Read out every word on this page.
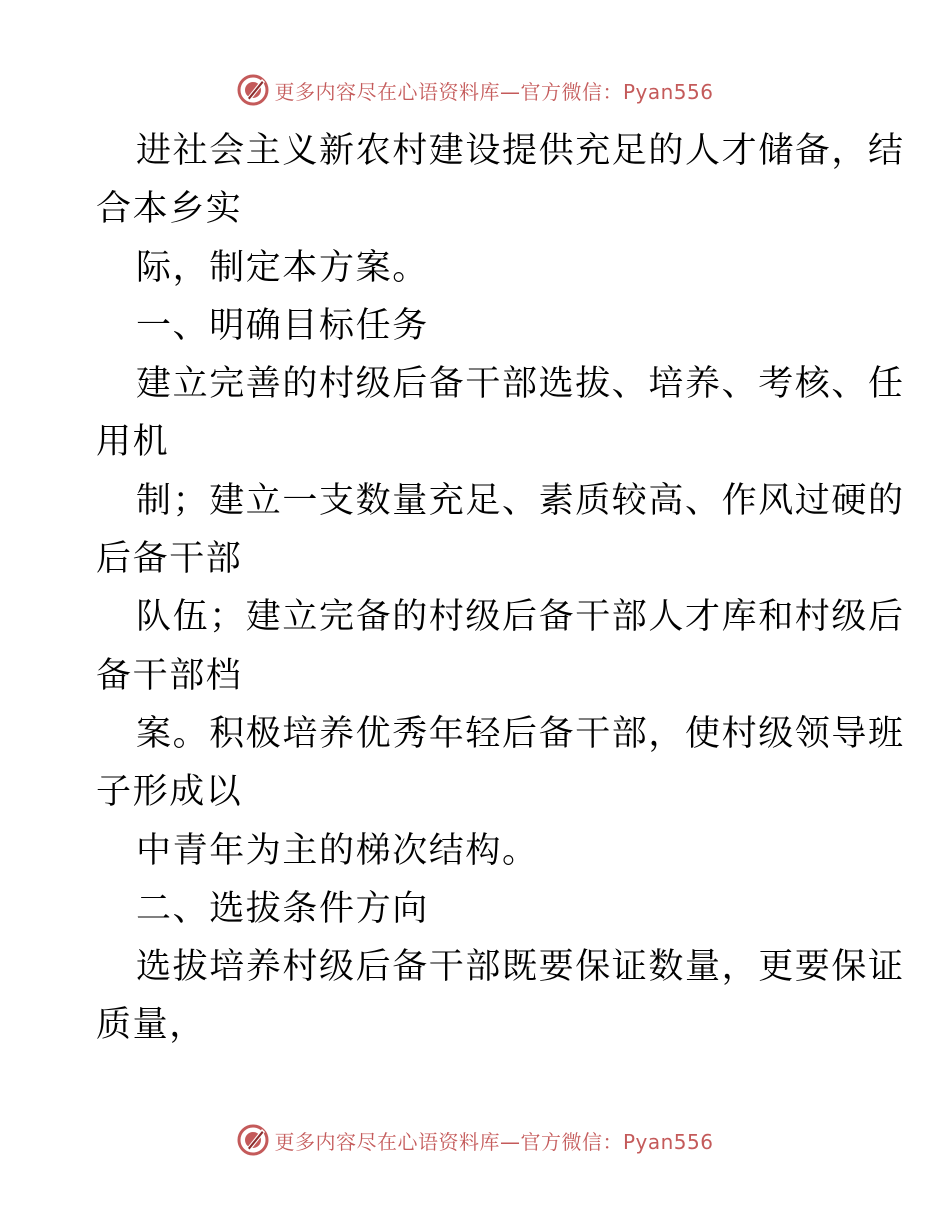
更多内容尽在心语资料库—官方微信：Pyan556
进社会主义新农村建设提供充足的人才储备，结
合本乡实
际，制定本方案。
一、明确目标任务
建立完善的村级后备干部选拔、培养、考核、任
用机
制；建立一支数量充足、素质较高、作风过硬的
后备干部
队伍；建立完备的村级后备干部人才库和村级后
备干部档
案。积极培养优秀年轻后备干部，使村级领导班
子形成以
中青年为主的梯次结构。
二、选拔条件方向
选拔培养村级后备干部既要保证数量，更要保证
质量，
更多内容尽在心语资料库—官方微信：Pyan556
